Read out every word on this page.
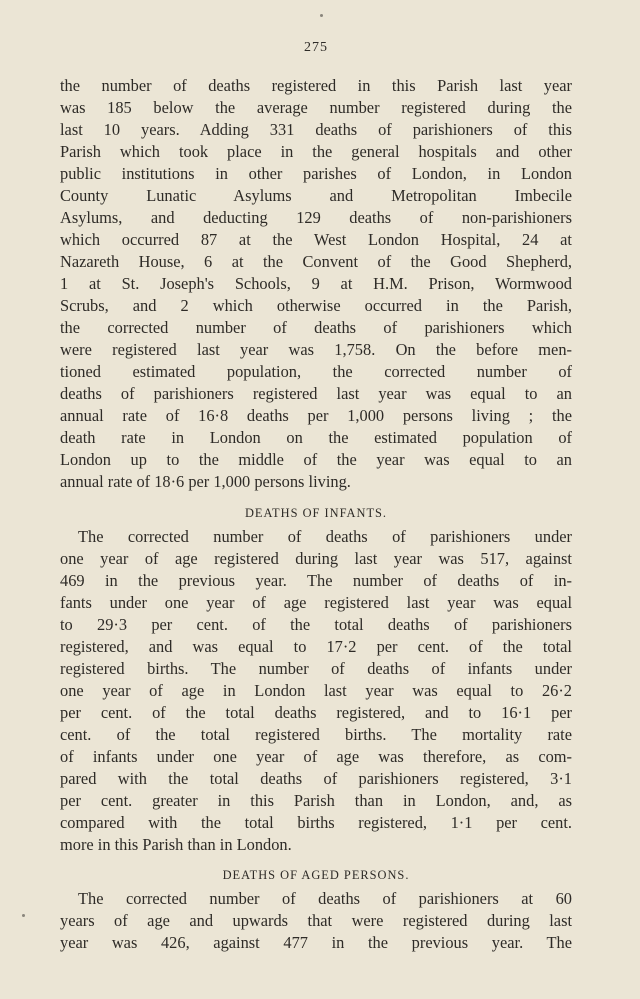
275
the number of deaths registered in this Parish last year
was 185 below the average number registered during the
last 10 years. Adding 331 deaths of parishioners of this
Parish which took place in the general hospitals and other
public institutions in other parishes of London, in London
County Lunatic Asylums and Metropolitan Imbecile
Asylums, and deducting 129 deaths of non-parishioners
which occurred 87 at the West London Hospital, 24 at
Nazareth House, 6 at the Convent of the Good Shepherd,
1 at St. Joseph's Schools, 9 at H.M. Prison, Wormwood
Scrubs, and 2 which otherwise occurred in the Parish,
the corrected number of deaths of parishioners which
were registered last year was 1,758. On the before men-
tioned estimated population, the corrected number of
deaths of parishioners registered last year was equal to an
annual rate of 16·8 deaths per 1,000 persons living ; the
death rate in London on the estimated population of
London up to the middle of the year was equal to an
annual rate of 18·6 per 1,000 persons living.
DEATHS OF INFANTS.
The corrected number of deaths of parishioners under
one year of age registered during last year was 517, against
469 in the previous year. The number of deaths of in-
fants under one year of age registered last year was equal
to 29·3 per cent. of the total deaths of parishioners
registered, and was equal to 17·2 per cent. of the total
registered births. The number of deaths of infants under
one year of age in London last year was equal to 26·2
per cent. of the total deaths registered, and to 16·1 per
cent. of the total registered births. The mortality rate
of infants under one year of age was therefore, as com-
pared with the total deaths of parishioners registered, 3·1
per cent. greater in this Parish than in London, and, as
compared with the total births registered, 1·1 per cent.
more in this Parish than in London.
DEATHS OF AGED PERSONS.
The corrected number of deaths of parishioners at 60
years of age and upwards that were registered during last
year was 426, against 477 in the previous year. The
